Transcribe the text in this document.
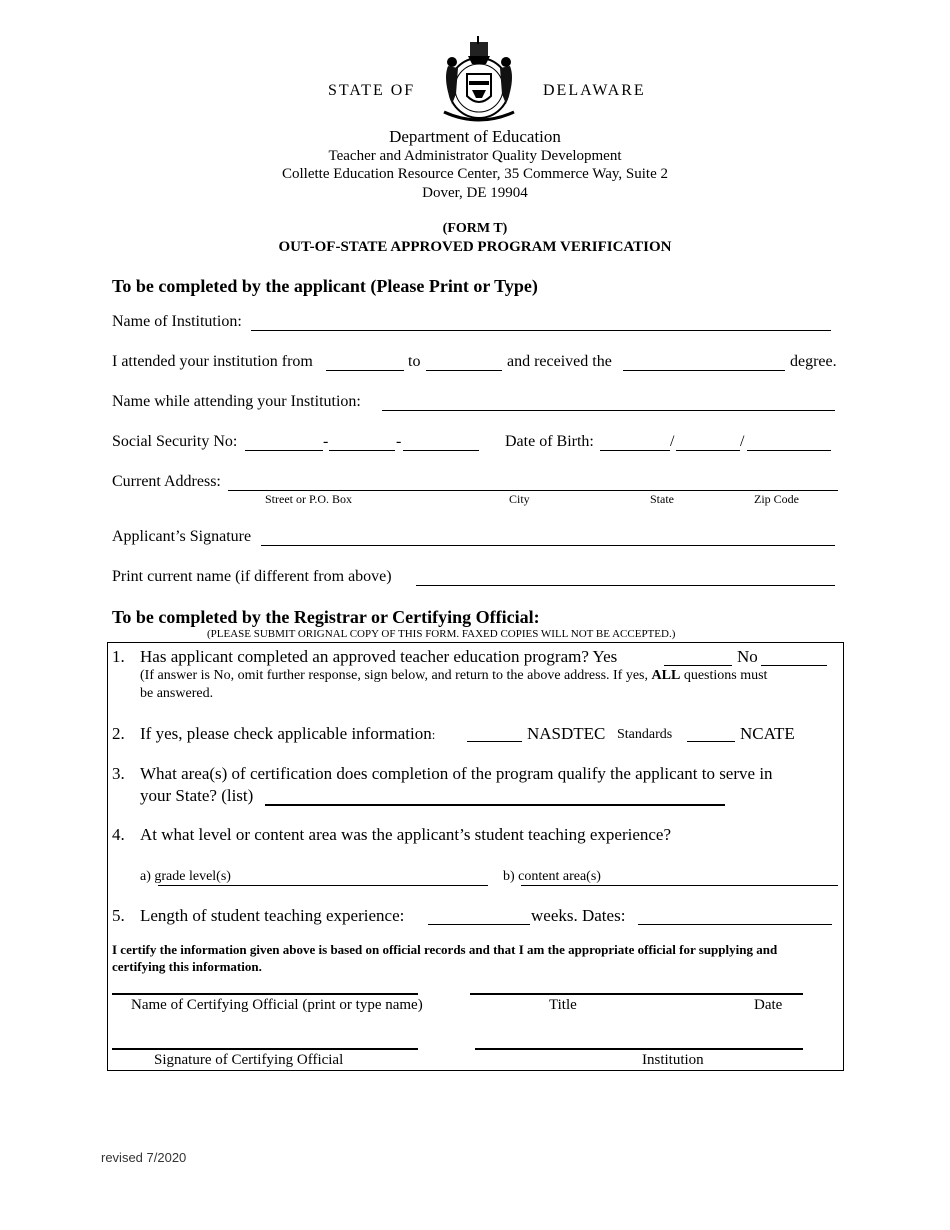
STATE OF	DELAWARE
Department of Education
Teacher and Administrator Quality Development
Collette Education Resource Center, 35 Commerce Way, Suite 2
Dover, DE 19904
(FORM T)
OUT-OF-STATE APPROVED PROGRAM VERIFICATION
To be completed by the applicant (Please Print or Type)
Name of Institution:
I attended your institution from	to	and received the	degree.
Name while attending your Institution:
Social Security No:	-	-	Date of Birth:	/	/
Current Address:
Street or P.O. Box	City	State	Zip Code
Applicant’s Signature
Print current name (if different from above)
To be completed by the Registrar or Certifying Official:
(PLEASE SUBMIT ORIGNAL COPY OF THIS FORM. FAXED COPIES WILL NOT BE ACCEPTED.)
1. Has applicant completed an approved teacher education program? Yes	No
(If answer is No, omit further response, sign below, and return to the above address. If yes, ALL questions must
be answered.
2. If yes, please check applicable information:	NASDTEC Standards	NCATE
3. What area(s) of certification does completion of the program qualify the applicant to serve in
your State? (list)
4. At what level or content area was the applicant’s student teaching experience?
a) grade level(s)	b) content area(s)
5. Length of student teaching experience:	weeks. Dates:
I certify the information given above is based on official records and that I am the appropriate official for supplying and
certifying this information.
Name of Certifying Official (print or type name)	Title	Date
Signature of Certifying Official	Institution
revised 7/2020
